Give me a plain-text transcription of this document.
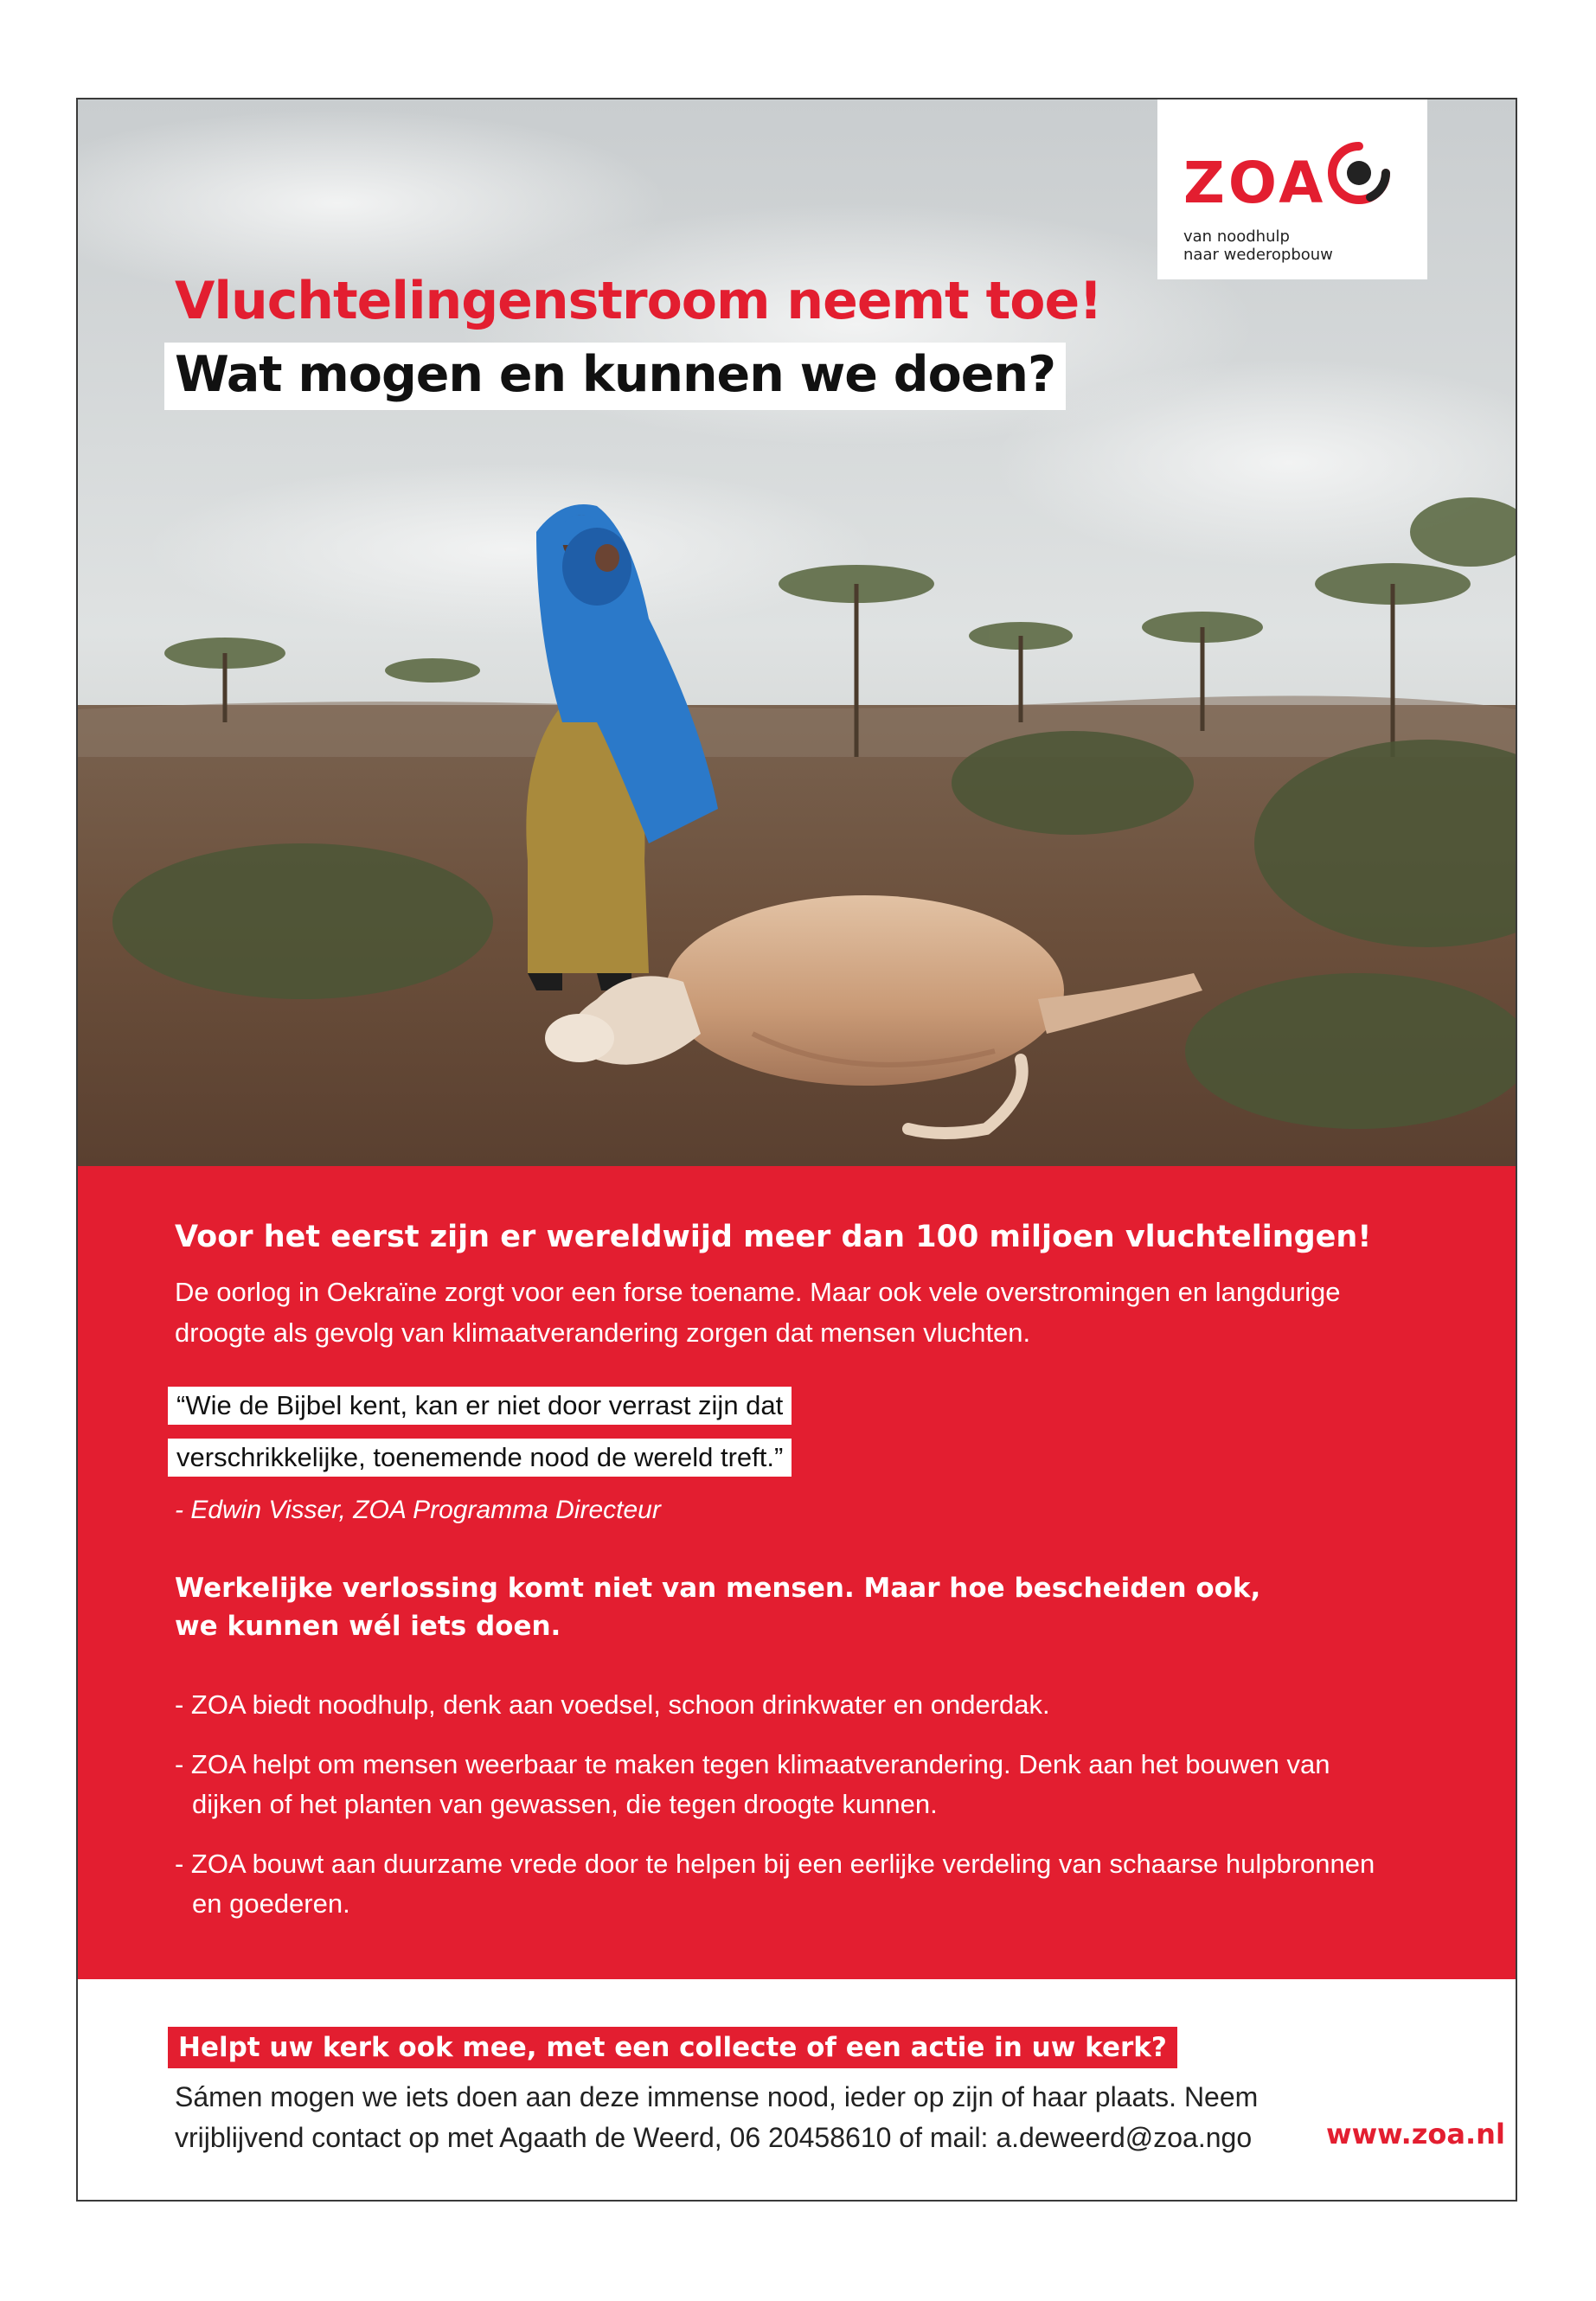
ZOA
van noodhulp
naar wederopbouw
Vluchtelingenstroom neemt toe!
Wat mogen en kunnen we doen?
Voor het eerst zijn er wereldwijd meer dan 100 miljoen vluchtelingen!
De oorlog in Oekraïne zorgt voor een forse toename. Maar ook vele overstromingen en langdurige droogte als gevolg van klimaatverandering zorgen dat mensen vluchten.
“Wie de Bijbel kent, kan er niet door verrast zijn dat
verschrikkelijke, toenemende nood de wereld treft.”
- Edwin Visser, ZOA Programma Directeur
Werkelijke verlossing komt niet van mensen. Maar hoe bescheiden ook, we kunnen wél iets doen.
- ZOA biedt noodhulp, denk aan voedsel, schoon drinkwater en onderdak.
- ZOA helpt om mensen weerbaar te maken tegen klimaatverandering. Denk aan het bouwen van dijken of het planten van gewassen, die tegen droogte kunnen.
- ZOA bouwt aan duurzame vrede door te helpen bij een eerlijke verdeling van schaarse hulpbronnen en goederen.
Helpt uw kerk ook mee, met een collecte of een actie in uw kerk?
Sámen mogen we iets doen aan deze immense nood, ieder op zijn of haar plaats. Neem vrijblijvend contact op met Agaath de Weerd, 06 20458610 of mail: a.deweerd@zoa.ngo	www.zoa.nl
